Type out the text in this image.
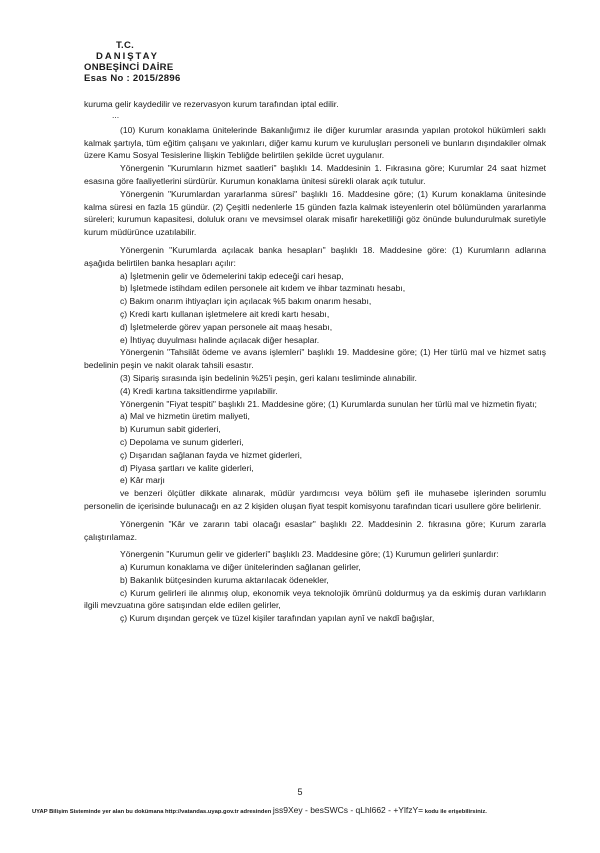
T.C.
DANIŞTAY
ONBEŞİNCİ DAİRE
Esas No : 2015/2896

kuruma gelir kaydedilir ve rezervasyon kurum tarafından iptal edilir.

...

(10) Kurum konaklama ünitelerinde Bakanlığımız ile diğer kurumlar arasında yapılan protokol hükümleri saklı kalmak şartıyla, tüm eğitim çalışanı ve yakınları, diğer kamu kurum ve kuruluşları personeli ve bunların dışındakiler olmak üzere Kamu Sosyal Tesislerine İlişkin Tebliğde belirtilen şekilde ücret uygulanır.

Yönergenin "Kurumların hizmet saatleri" başlıklı 14. Maddesinin 1. Fıkrasına göre; Kurumlar 24 saat hizmet esasına göre faaliyetlerini sürdürür. Kurumun konaklama ünitesi sürekli olarak açık tutulur.

Yönergenin "Kurumlardan yararlanma süresi" başlıklı 16. Maddesine göre; (1) Kurum konaklama ünitesinde kalma süresi en fazla 15 gündür. (2) Çeşitli nedenlerle 15 günden fazla kalmak isteyenlerin otel bölümünden yararlanma süreleri; kurumun kapasitesi, doluluk oranı ve mevsimsel olarak misafir hareketliliği göz önünde bulundurulmak suretiyle kurum müdürünce uzatılabilir.

Yönergenin "Kurumlarda açılacak banka hesapları" başlıklı 18. Maddesine göre: (1) Kurumların adlarına aşağıda belirtilen banka hesapları açılır:

a) İşletmenin gelir ve ödemelerini takip edeceği cari hesap,

b) İşletmede istihdam edilen personele ait kıdem ve ihbar tazminatı hesabı,

c) Bakım onarım ihtiyaçları için açılacak %5 bakım onarım hesabı,

ç) Kredi kartı kullanan işletmelere ait kredi kartı hesabı,

d) İşletmelerde görev yapan personele ait maaş hesabı,

e) İhtiyaç duyulması halinde açılacak diğer hesaplar.

Yönergenin "Tahsilât ödeme ve avans işlemleri" başlıklı 19. Maddesine göre; (1) Her türlü mal ve hizmet satış bedelinin peşin ve nakit olarak tahsili esastır.

(3) Sipariş sırasında işin bedelinin %25'i peşin, geri kalanı tesliminde alınabilir.

(4) Kredi kartına taksitlendirme yapılabilir.

Yönergenin "Fiyat tespiti" başlıklı 21. Maddesine göre; (1) Kurumlarda sunulan her türlü mal ve hizmetin fiyatı;

a) Mal ve hizmetin üretim maliyeti,

b) Kurumun sabit giderleri,

c) Depolama ve sunum giderleri,

ç) Dışarıdan sağlanan fayda ve hizmet giderleri,

d) Piyasa şartları ve kalite giderleri,

e) Kâr marjı

ve benzeri ölçütler dikkate alınarak, müdür yardımcısı veya bölüm şefi ile muhasebe işlerinden sorumlu personelin de içerisinde bulunacağı en az 2 kişiden oluşan fiyat tespit komisyonu tarafından ticari usullere göre belirlenir.

Yönergenin "Kâr ve zararın tabi olacağı esaslar" başlıklı 22. Maddesinin 2. fıkrasına göre; Kurum zararla çalıştırılamaz.

Yönergenin "Kurumun gelir ve giderleri" başlıklı 23. Maddesine göre; (1) Kurumun gelirleri şunlardır:

a) Kurumun konaklama ve diğer ünitelerinden sağlanan gelirler,

b) Bakanlık bütçesinden kuruma aktarılacak ödenekler,

c) Kurum gelirleri ile alınmış olup, ekonomik veya teknolojik ömrünü doldurmuş ya da eskimiş duran varlıkların ilgili mevzuatına göre satışından elde edilen gelirler,

ç) Kurum dışından gerçek ve tüzel kişiler tarafından yapılan aynî ve nakdî bağışlar,

5
UYAP Bilişim Sisteminde yer alan bu dokümana http://vatandas.uyap.gov.tr adresinden jss9Xey - besSWCs - qLhl662 - +YlfzY= kodu ile erişebilirsiniz.
